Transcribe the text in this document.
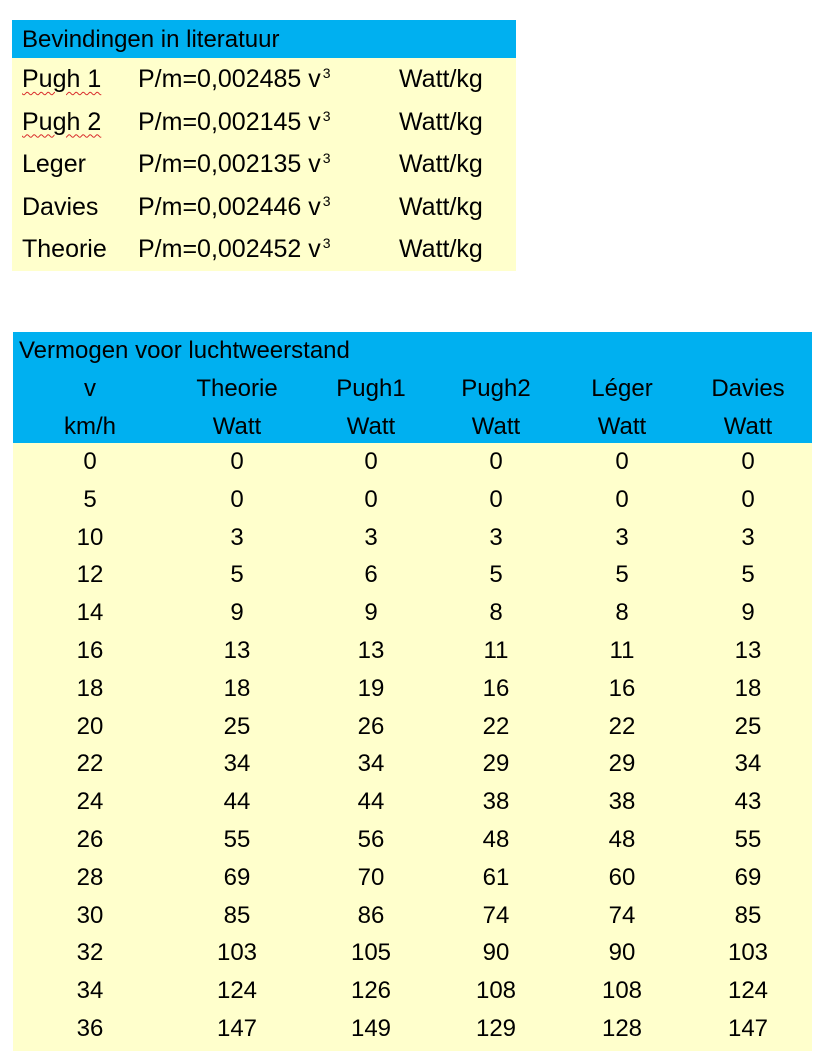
Bevindingen in literatuur
Pugh 1 P/m=0,002485 v $^3$	Watt/kg
Pugh 2 P/m=0,002145 v $^3$	Watt/kg
Leger P/m=0,002135 v $^3$	Watt/kg
Davies P/m=0,002446 v $^3$	Watt/kg
Theorie P/m=0,002452 v $^3$	Watt/kg
Vermogen voor luchtweerstand
v	Theorie	Pugh1	Pugh2	Léger	Davies
km/h	Watt	Watt	Watt	Watt	Watt
0	0	0	0	0	0
5	0	0	0	0	0
10	3	3	3	3	3
12	5	6	5	5	5
14	9	9	8	8	9
16	13	13	11	11	13
18	18	19	16	16	18
20	25	26	22	22	25
22	34	34	29	29	34
24	44	44	38	38	43
26	55	56	48	48	55
28	69	70	61	60	69
30	85	86	74	74	85
32	103	105	90	90	103
34	124	126	108	108	124
36	147	149	129	128	147
